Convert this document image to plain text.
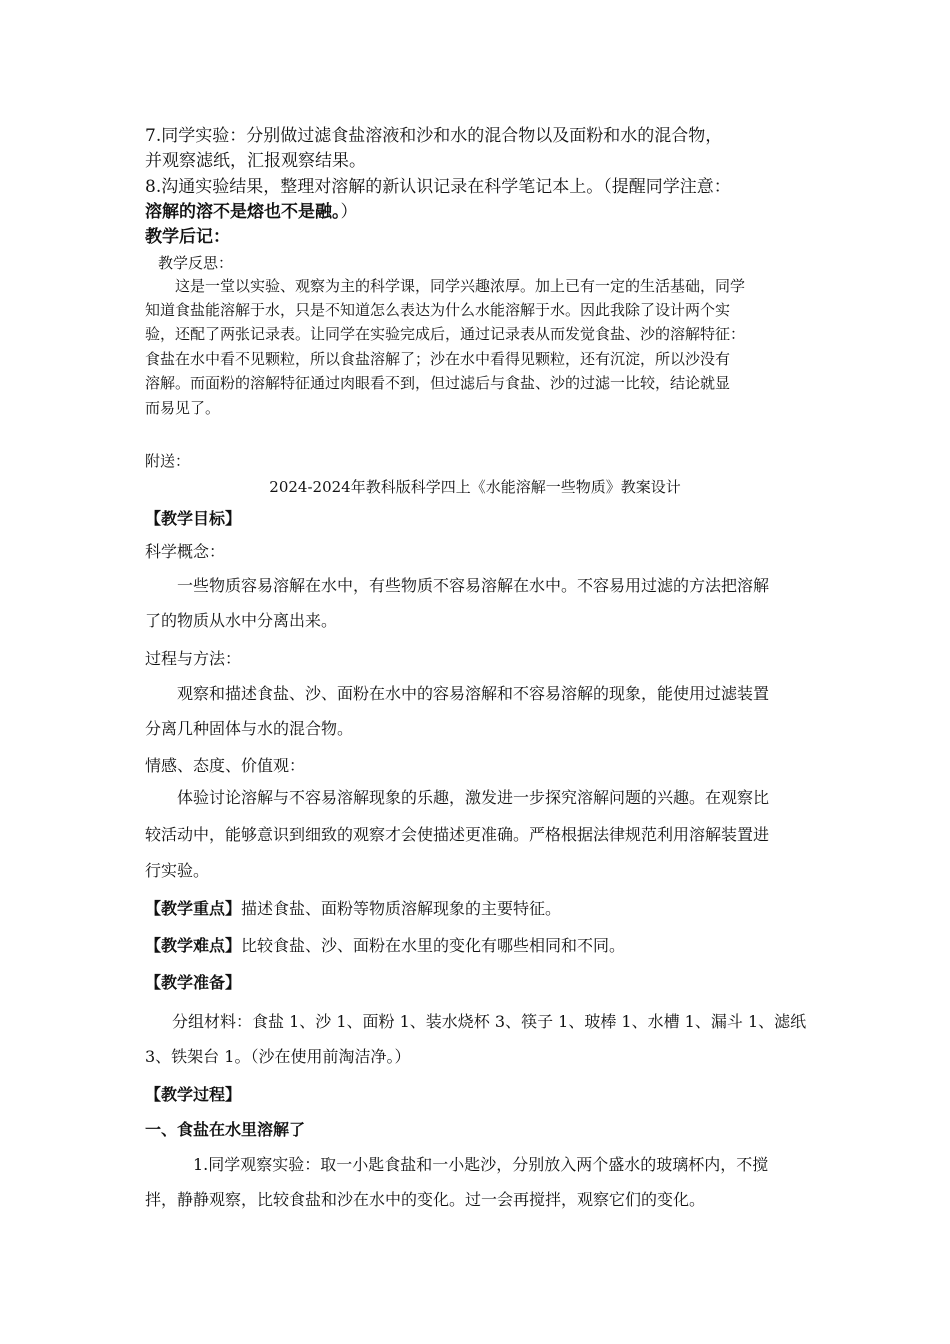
7.同学实验：分别做过滤食盐溶液和沙和水的混合物以及面粉和水的混合物，
并观察滤纸，汇报观察结果。
8.沟通实验结果，整理对溶解的新认识记录在科学笔记本上。（提醒同学注意：
溶解的溶不是熔也不是融。）
教学后记：
教学反思：
这是一堂以实验、观察为主的科学课，同学兴趣浓厚。加上已有一定的生活基础，同学
知道食盐能溶解于水，只是不知道怎么表达为什么水能溶解于水。因此我除了设计两个实
验，还配了两张记录表。让同学在实验完成后，通过记录表从而发觉食盐、沙的溶解特征：
食盐在水中看不见颗粒，所以食盐溶解了；沙在水中看得见颗粒，还有沉淀，所以沙没有
溶解。而面粉的溶解特征通过肉眼看不到，但过滤后与食盐、沙的过滤一比较，结论就显
而易见了。
附送：
2024-2024年教科版科学四上《水能溶解一些物质》教案设计
【教学目标】
科学概念：
一些物质容易溶解在水中，有些物质不容易溶解在水中。不容易用过滤的方法把溶解
了的物质从水中分离出来。
过程与方法：
观察和描述食盐、沙、面粉在水中的容易溶解和不容易溶解的现象，能使用过滤装置
分离几种固体与水的混合物。
情感、态度、价值观：
体验讨论溶解与不容易溶解现象的乐趣，激发进一步探究溶解问题的兴趣。在观察比
较活动中，能够意识到细致的观察才会使描述更准确。严格根据法律规范利用溶解装置进
行实验。
【教学重点】描述食盐、面粉等物质溶解现象的主要特征。
【教学难点】比较食盐、沙、面粉在水里的变化有哪些相同和不同。
【教学准备】
分组材料：食盐 1、沙 1、面粉 1、装水烧杯 3、筷子 1、玻棒 1、水槽 1、漏斗 1、滤纸
3、铁架台 1。（沙在使用前淘洁净。）
【教学过程】
一、食盐在水里溶解了
1.同学观察实验：取一小匙食盐和一小匙沙，分别放入两个盛水的玻璃杯内，不搅
拌，静静观察，比较食盐和沙在水中的变化。过一会再搅拌，观察它们的变化。
